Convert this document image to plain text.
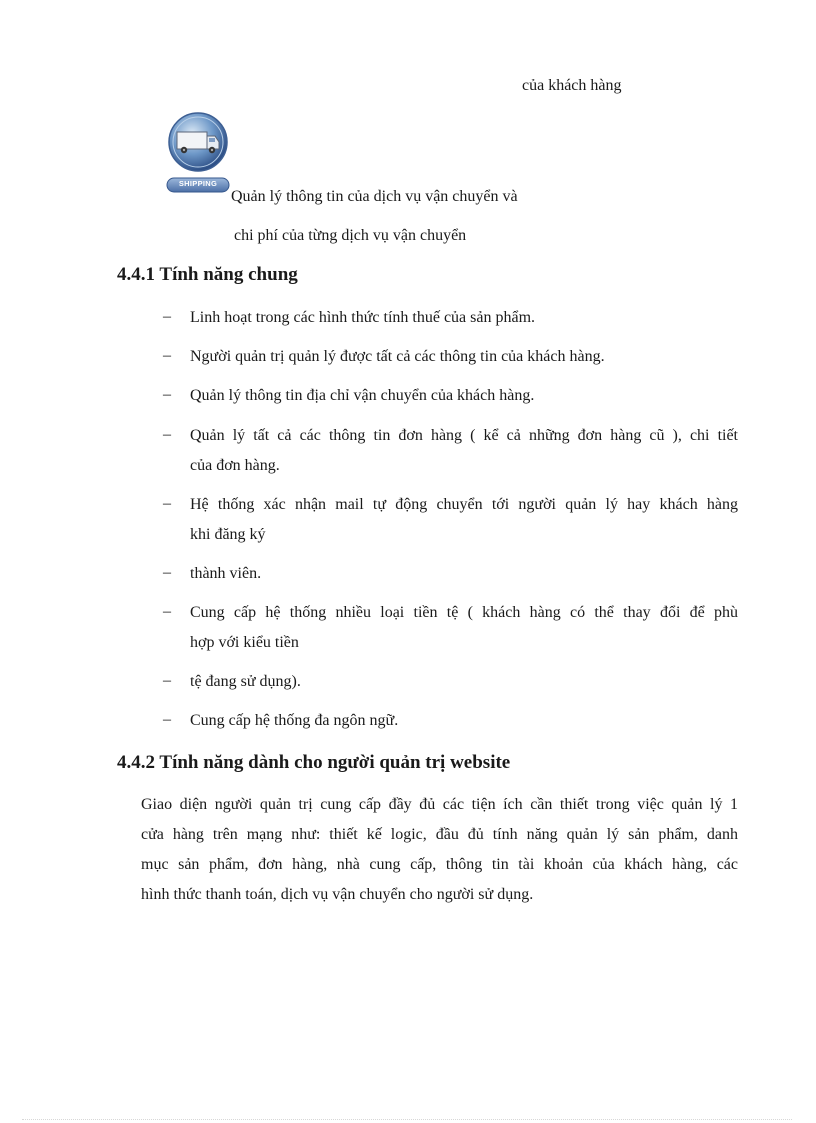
của khách hàng
SHIPPING
Quản lý thông tin của dịch vụ vận chuyển và
chi phí của từng dịch vụ vận chuyển
4.4.1 Tính năng chung
– Linh hoạt trong các hình thức tính thuế của sản phẩm.
– Người quản trị quản lý được tất cả các thông tin của khách hàng.
– Quản lý thông tin địa chỉ vận chuyển của khách hàng.
– Quản lý tất cả các thông tin đơn hàng ( kể cả những đơn hàng cũ ), chi tiết
của đơn hàng.
– Hệ thống xác nhận mail tự động chuyển tới người quản lý hay khách hàng
khi đăng ký
– thành viên.
– Cung cấp hệ thống nhiều loại tiền tệ ( khách hàng có thể thay đổi để phù
hợp với kiểu tiền
– tệ đang sử dụng).
– Cung cấp hệ thống đa ngôn ngữ.
4.4.2 Tính năng dành cho người quản trị website
Giao diện người quản trị cung cấp đầy đủ các tiện ích cần thiết trong việc quản lý 1
cửa hàng trên mạng như: thiết kế logic, đầu đủ tính năng quản lý sản phẩm, danh
mục sản phẩm, đơn hàng, nhà cung cấp, thông tin tài khoản của khách hàng, các
hình thức thanh toán, dịch vụ vận chuyển cho người sử dụng.
